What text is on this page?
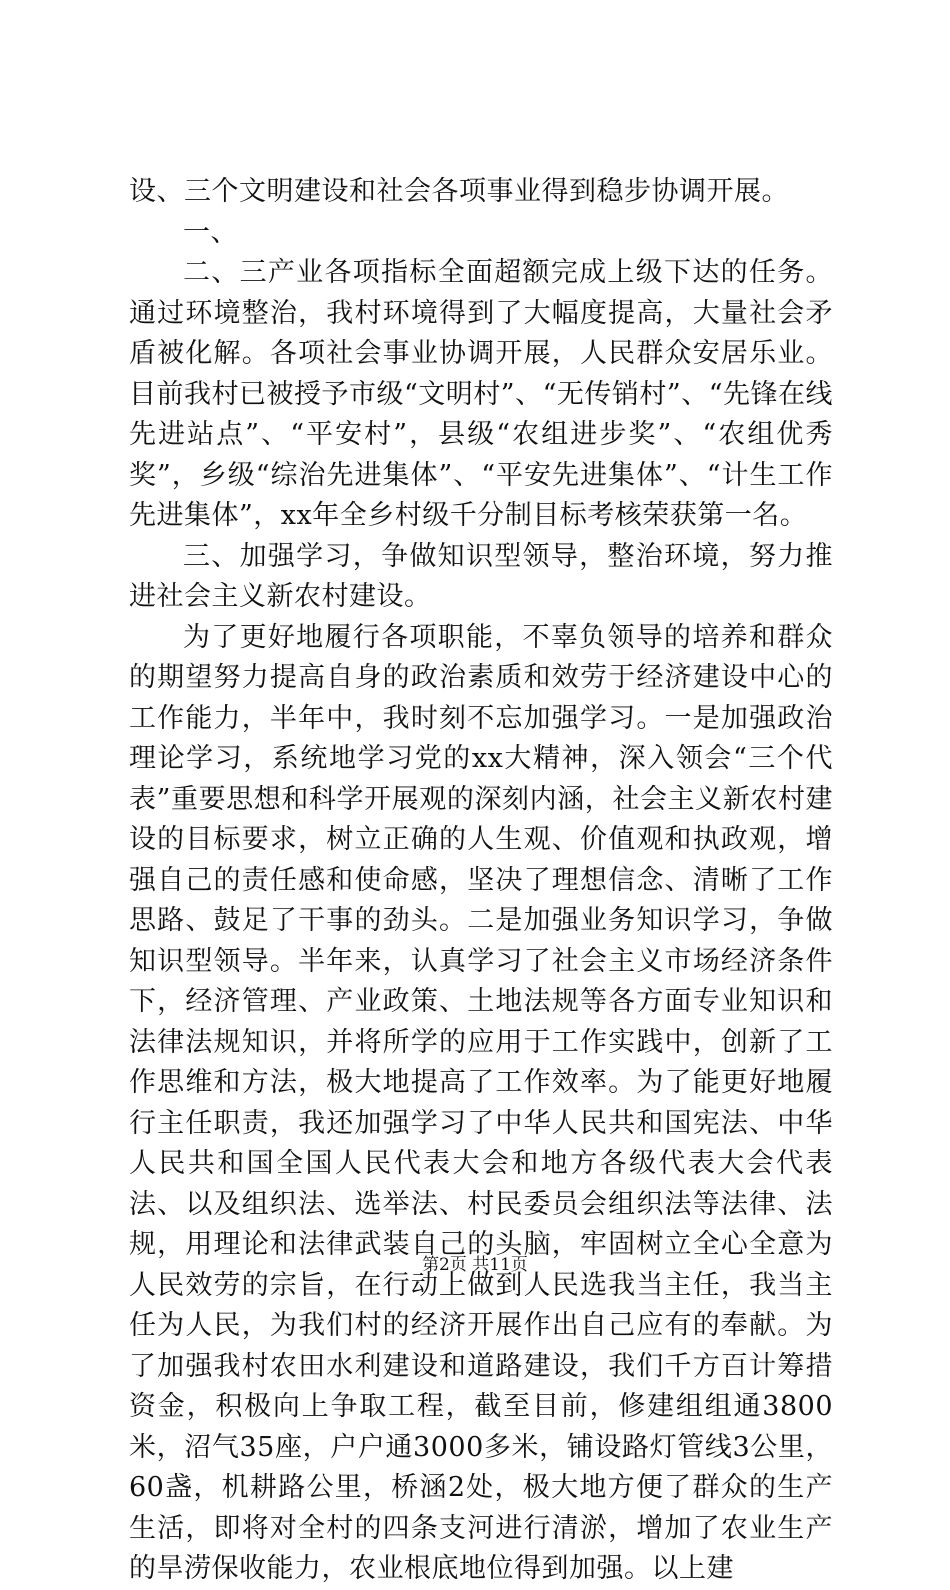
设、三个文明建设和社会各项事业得到稳步协调开展。

一、

二、三产业各项指标全面超额完成上级下达的任务。通过环境整治，我村环境得到了大幅度提高，大量社会矛盾被化解。各项社会事业协调开展，人民群众安居乐业。目前我村已被授予市级“文明村”、“无传销村”、“先锋在线先进站点”、“平安村”，县级“农组进步奖”、“农组优秀奖”，乡级“综治先进集体”、“平安先进集体”、“计生工作先进集体”，xx年全乡村级千分制目标考核荣获第一名。

三、加强学习，争做知识型领导，整治环境，努力推进社会主义新农村建设。

为了更好地履行各项职能，不辜负领导的培养和群众的期望努力提高自身的政治素质和效劳于经济建设中心的工作能力，半年中，我时刻不忘加强学习。一是加强政治理论学习，系统地学习党的xx大精神，深入领会“三个代表”重要思想和科学开展观的深刻内涵，社会主义新农村建设的目标要求，树立正确的人生观、价值观和执政观，增强自己的责任感和使命感，坚决了理想信念、清晰了工作思路、鼓足了干事的劲头。二是加强业务知识学习，争做知识型领导。半年来，认真学习了社会主义市场经济条件下，经济管理、产业政策、土地法规等各方面专业知识和法律法规知识，并将所学的应用于工作实践中，创新了工作思维和方法，极大地提高了工作效率。为了能更好地履行主任职责，我还加强学习了中华人民共和国宪法、中华人民共和国全国人民代表大会和地方各级代表大会代表法、以及组织法、选举法、村民委员会组织法等法律、法规，用理论和法律武装自己的头脑，牢固树立全心全意为人民效劳的宗旨，在行动上做到人民选我当主任，我当主任为人民，为我们村的经济开展作出自己应有的奉献。为了加强我村农田水利建设和道路建设，我们千方百计筹措资金，积极向上争取工程，截至目前，修建组组通3800米，沼气35座，户户通3000多米，铺设路灯管线3公里，60盏，机耕路公里，桥涵2处，极大地方便了群众的生产生活，即将对全村的四条支河进行清淤，增加了农业生产的旱涝保收能力，农业根底地位得到加强。以上建

第2页 共11页
